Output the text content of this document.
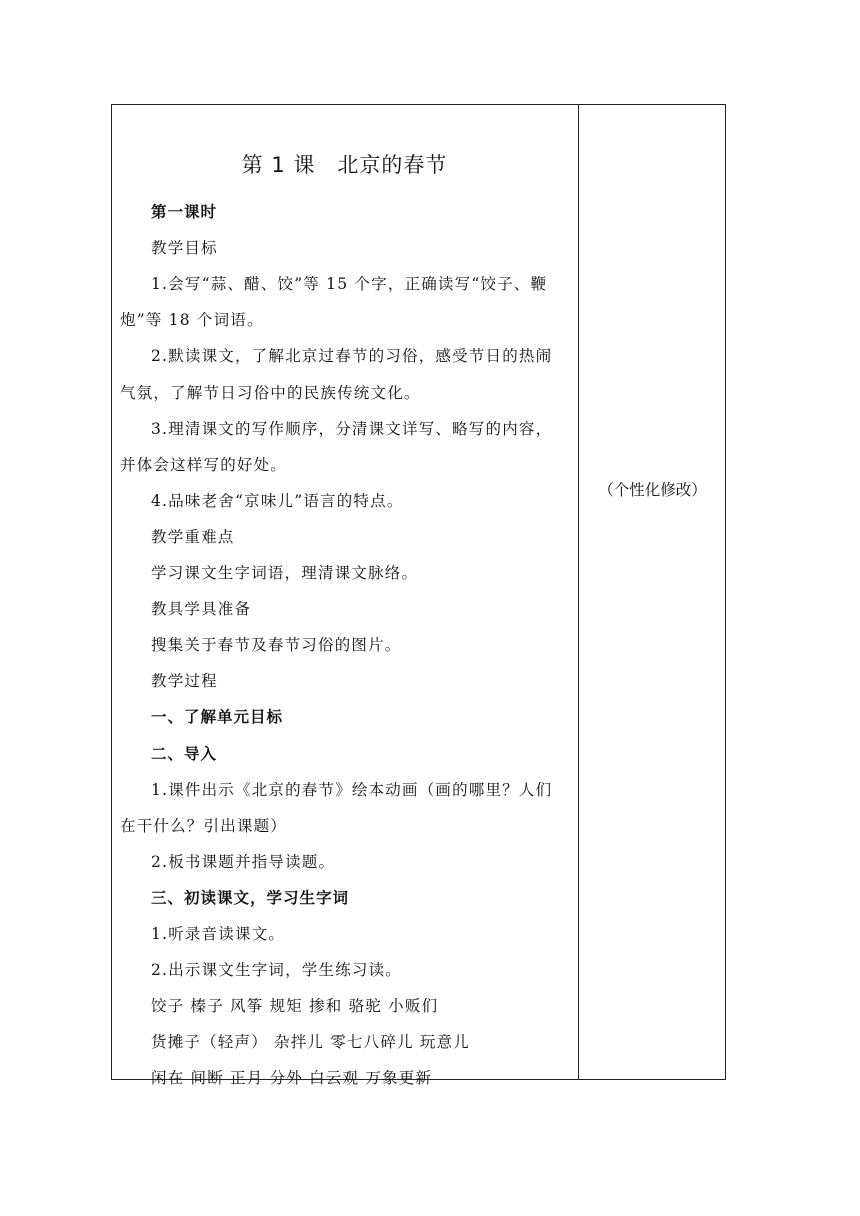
第 1 课　北京的春节
第一课时
教学目标
1.会写“蒜、醋、饺”等 15 个字，正确读写“饺子、鞭
炮”等 18 个词语。
2.默读课文，了解北京过春节的习俗，感受节日的热闹
气氛，了解节日习俗中的民族传统文化。
3.理清课文的写作顺序，分清课文详写、略写的内容，
并体会这样写的好处。
4.品味老舍“京味儿”语言的特点。
教学重难点
学习课文生字词语，理清课文脉络。
教具学具准备
搜集关于春节及春节习俗的图片。
教学过程
一、了解单元目标
二、导入
1.课件出示《北京的春节》绘本动画（画的哪里？人们
在干什么？引出课题）
2.板书课题并指导读题。
三、初读课文，学习生字词
1.听录音读课文。
2.出示课文生字词，学生练习读。
饺子 榛子 风筝 规矩 掺和 骆驼 小贩们
货摊子（轻声） 杂拌儿 零七八碎儿 玩意儿
闲在 间断 正月 分外 白云观 万象更新
（个性化修改）
